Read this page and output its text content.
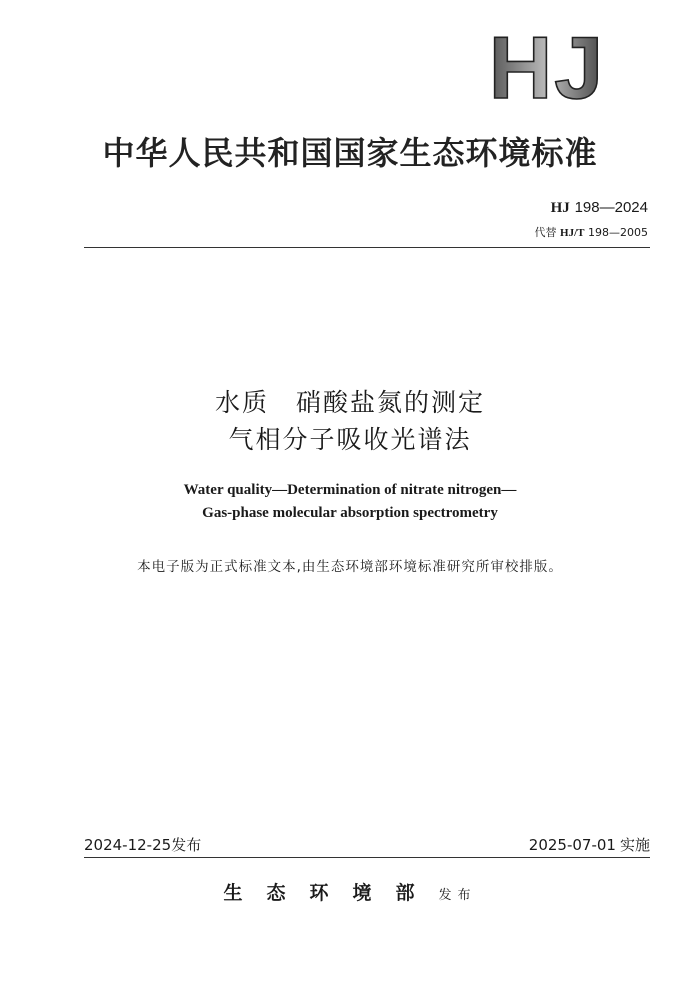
HJ
中华人民共和国国家生态环境标准
HJ 198—2024
代替 HJ/T 198—2005
水质　硝酸盐氮的测定
气相分子吸收光谱法
Water quality—Determination of nitrate nitrogen—
Gas-phase molecular absorption spectrometry
本电子版为正式标准文本,由生态环境部环境标准研究所审校排版。
2024-12-25发布	2025-07-01 实施
生态环境部发布
